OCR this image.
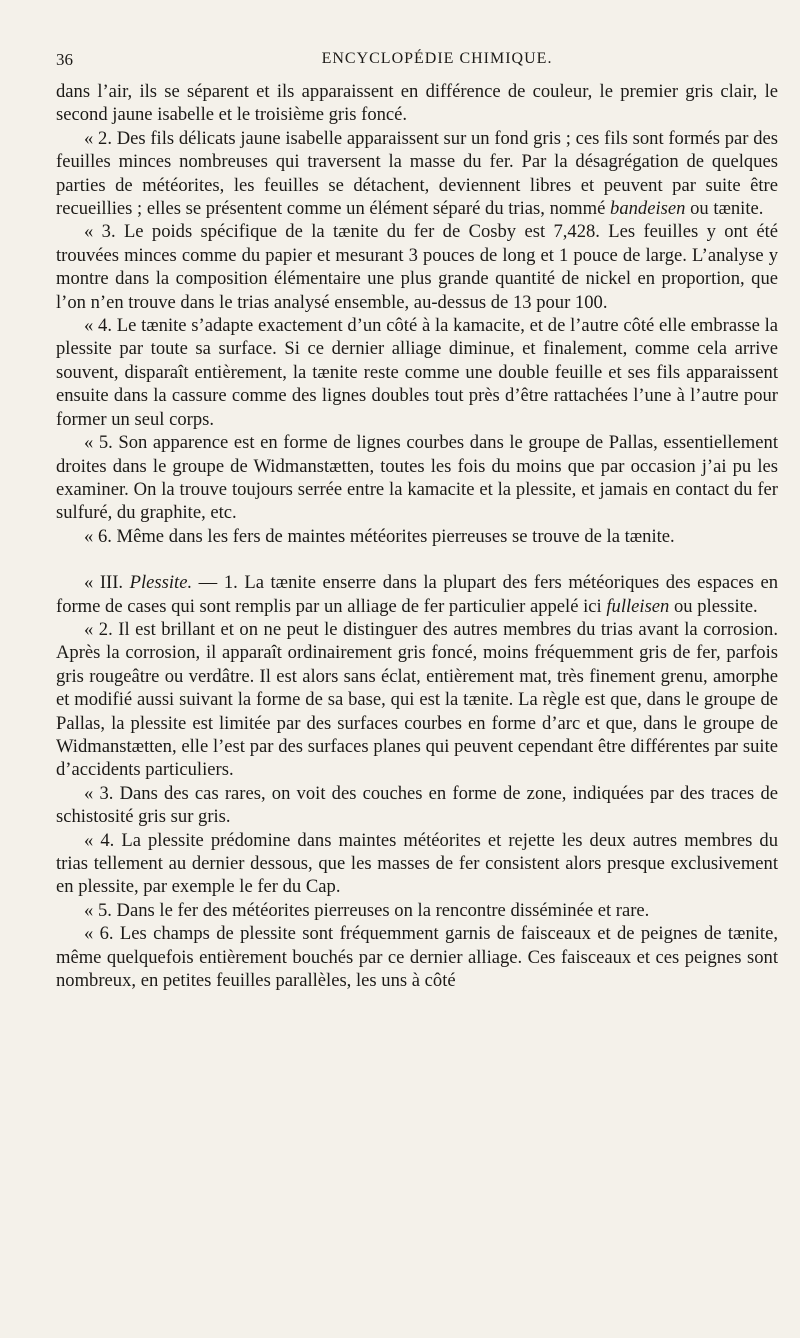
36	ENCYCLOPÉDIE CHIMIQUE.

dans l’air, ils se séparent et ils apparaissent en différence de couleur, le premier gris clair, le second jaune isabelle et le troisième gris foncé.

« 2. Des fils délicats jaune isabelle apparaissent sur un fond gris ; ces fils sont formés par des feuilles minces nombreuses qui traversent la masse du fer. Par la désagrégation de quelques parties de météorites, les feuilles se détachent, deviennent libres et peuvent par suite être recueillies ; elles se présentent comme un élément séparé du trias, nommé bandeisen ou tænite.

« 3. Le poids spécifique de la tænite du fer de Cosby est 7,428. Les feuilles y ont été trouvées minces comme du papier et mesurant 3 pouces de long et 1 pouce de large. L’analyse y montre dans la composition élémentaire une plus grande quantité de nickel en proportion, que l’on n’en trouve dans le trias analysé ensemble, au-dessus de 13 pour 100.

« 4. Le tænite s’adapte exactement d’un côté à la kamacite, et de l’autre côté elle embrasse la plessite par toute sa surface. Si ce dernier alliage diminue, et finalement, comme cela arrive souvent, disparaît entièrement, la tænite reste comme une double feuille et ses fils apparaissent ensuite dans la cassure comme des lignes doubles tout près d’être rattachées l’une à l’autre pour former un seul corps.

« 5. Son apparence est en forme de lignes courbes dans le groupe de Pallas, essentiellement droites dans le groupe de Widmanstætten, toutes les fois du moins que par occasion j’ai pu les examiner. On la trouve toujours serrée entre la kamacite et la plessite, et jamais en contact du fer sulfuré, du graphite, etc.

« 6. Même dans les fers de maintes météorites pierreuses se trouve de la tænite.

« III. Plessite. — 1. La tænite enserre dans la plupart des fers météoriques des espaces en forme de cases qui sont remplis par un alliage de fer particulier appelé ici fulleisen ou plessite.

« 2. Il est brillant et on ne peut le distinguer des autres membres du trias avant la corrosion. Après la corrosion, il apparaît ordinairement gris foncé, moins fréquemment gris de fer, parfois gris rougeâtre ou verdâtre. Il est alors sans éclat, entièrement mat, très finement grenu, amorphe et modifié aussi suivant la forme de sa base, qui est la tænite. La règle est que, dans le groupe de Pallas, la plessite est limitée par des surfaces courbes en forme d’arc et que, dans le groupe de Widmanstætten, elle l’est par des surfaces planes qui peuvent cependant être différentes par suite d’accidents particuliers.

« 3. Dans des cas rares, on voit des couches en forme de zone, indiquées par des traces de schistosité gris sur gris.

« 4. La plessite prédomine dans maintes météorites et rejette les deux autres membres du trias tellement au dernier dessous, que les masses de fer consistent alors presque exclusivement en plessite, par exemple le fer du Cap.

« 5. Dans le fer des météorites pierreuses on la rencontre disséminée et rare.

« 6. Les champs de plessite sont fréquemment garnis de faisceaux et de peignes de tænite, même quelquefois entièrement bouchés par ce dernier alliage. Ces faisceaux et ces peignes sont nombreux, en petites feuilles parallèles, les uns à côté
